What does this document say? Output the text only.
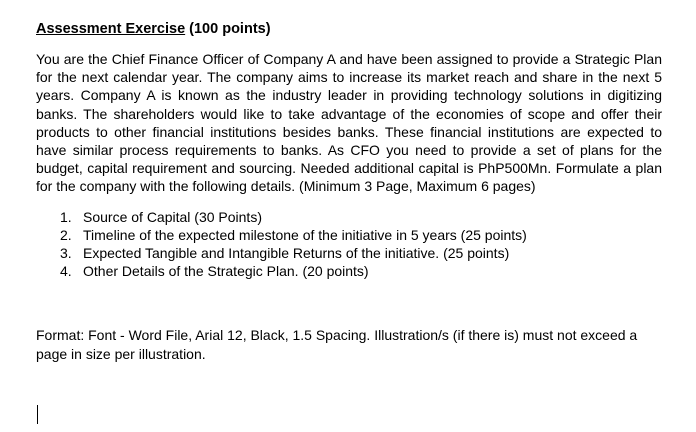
Assessment Exercise (100 points)

You are the Chief Finance Officer of Company A and have been assigned to provide a Strategic Plan for the next calendar year. The company aims to increase its market reach and share in the next 5 years. Company A is known as the industry leader in providing technology solutions in digitizing banks. The shareholders would like to take advantage of the economies of scope and offer their products to other financial institutions besides banks. These financial institutions are expected to have similar process requirements to banks. As CFO you need to provide a set of plans for the budget, capital requirement and sourcing. Needed additional capital is PhP500Mn. Formulate a plan for the company with the following details. (Minimum 3 Page, Maximum 6 pages)

1. Source of Capital (30 Points)
2. Timeline of the expected milestone of the initiative in 5 years (25 points)
3. Expected Tangible and Intangible Returns of the initiative. (25 points)
4. Other Details of the Strategic Plan. (20 points)

Format: Font - Word File, Arial 12, Black, 1.5 Spacing. Illustration/s (if there is) must not exceed a page in size per illustration.
